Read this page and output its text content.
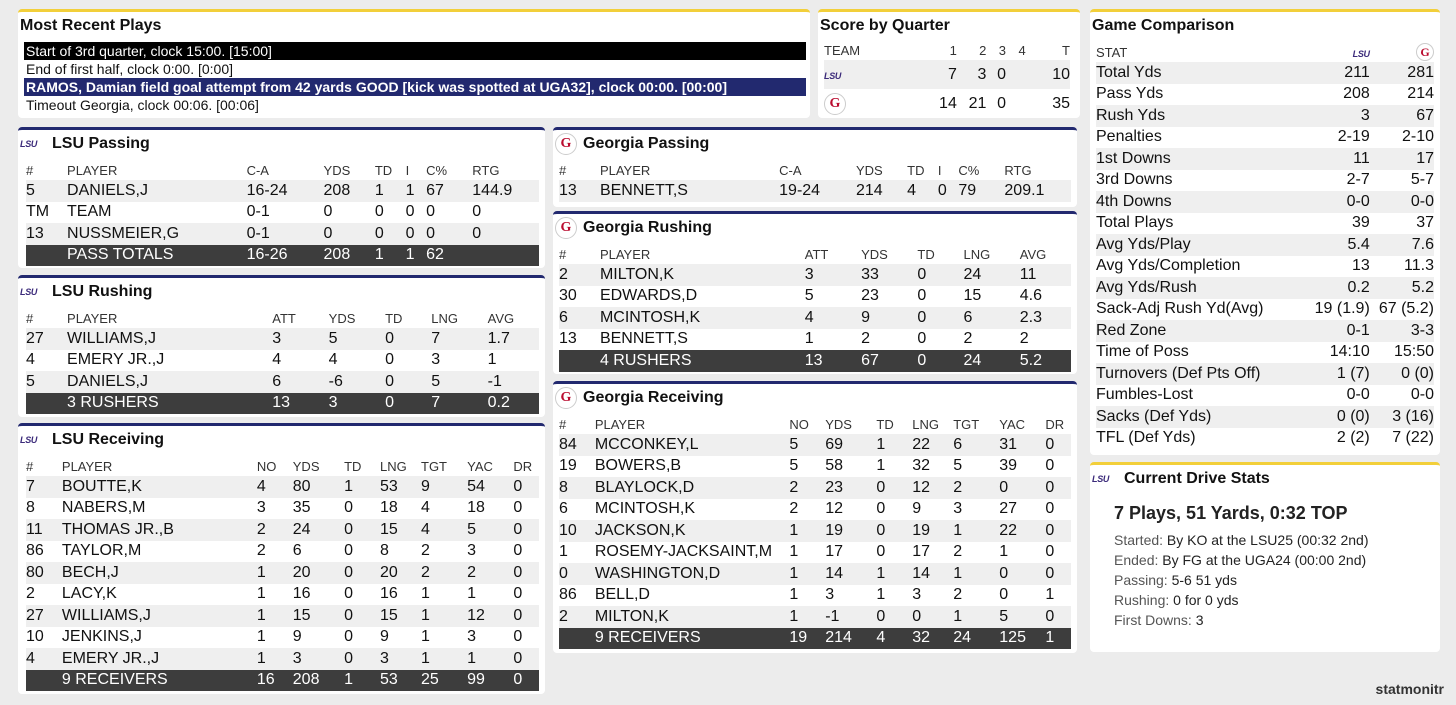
Most Recent Plays
Start of 3rd quarter, clock 15:00. [15:00]
End of first half, clock 0:00. [0:00]
RAMOS, Damian field goal attempt from 42 yards GOOD [kick was spotted at UGA32], clock 00:00. [00:00]
Timeout Georgia, clock 00:06. [00:06]
Score by Quarter
TEAM	1	2	3	4	T
LSU	7	3	0		10

G	14	21	0		35
Game Comparison
STAT	LSU	G

Total Yds	211	281
Pass Yds	208	214
Rush Yds	3	67
Penalties	2-19	2-10
1st Downs	11	17
3rd Downs	2-7	5-7
4th Downs	0-0	0-0
Total Plays	39	37
Avg Yds/Play	5.4	7.6
Avg Yds/Completion	13	11.3
Avg Yds/Rush	0.2	5.2
Sack-Adj Rush Yd(Avg)	19 (1.9)	67 (5.2)
Red Zone	0-1	3-3
Time of Poss	14:10	15:50
Turnovers (Def Pts Off)	1 (7)	0 (0)
Fumbles-Lost	0-0	0-0
Sacks (Def Yds)	0 (0)	3 (16)
TFL (Def Yds)	2 (2)	7 (22)
LSU Current Drive Stats
7 Plays, 51 Yards, 0:32 TOP
Started: By KO at the LSU25 (00:32 2nd)
Ended: By FG at the UGA24 (00:00 2nd)
Passing: 5-6 51 yds
Rushing: 0 for 0 yds
First Downs: 3
LSU LSU Passing
#	PLAYER	C-A	YDS	TD	I	C%	RTG
5	DANIELS,J	16-24	208	1	1	67	144.9
TM	TEAM	0-1	0	0	0	0	0
13	NUSSMEIER,G	0-1	0	0	0	0	0
	PASS TOTALS	16-26	208	1	1	62	
LSU LSU Rushing
#	PLAYER	ATT	YDS	TD	LNG	AVG
27	WILLIAMS,J	3	5	0	7	1.7
4	EMERY JR.,J	4	4	0	3	1
5	DANIELS,J	6	-6	0	5	-1
	3 RUSHERS	13	3	0	7	0.2
LSU LSU Receiving
#	PLAYER	NO	YDS	TD	LNG	TGT	YAC	DR
7	BOUTTE,K	4	80	1	53	9	54	0
8	NABERS,M	3	35	0	18	4	18	0
11	THOMAS JR.,B	2	24	0	15	4	5	0
86	TAYLOR,M	2	6	0	8	2	3	0
80	BECH,J	1	20	0	20	2	2	0
2	LACY,K	1	16	0	16	1	1	0
27	WILLIAMS,J	1	15	0	15	1	12	0
10	JENKINS,J	1	9	0	9	1	3	0
4	EMERY JR.,J	1	3	0	3	1	1	0
	9 RECEIVERS	16	208	1	53	25	99	0
G Georgia Passing
#	PLAYER	C-A	YDS	TD	I	C%	RTG
13	BENNETT,S	19-24	214	4	0	79	209.1
G Georgia Rushing
#	PLAYER	ATT	YDS	TD	LNG	AVG
2	MILTON,K	3	33	0	24	11
30	EDWARDS,D	5	23	0	15	4.6
6	MCINTOSH,K	4	9	0	6	2.3
13	BENNETT,S	1	2	0	2	2
	4 RUSHERS	13	67	0	24	5.2
G Georgia Receiving
#	PLAYER	NO	YDS	TD	LNG	TGT	YAC	DR
84	MCCONKEY,L	5	69	1	22	6	31	0
19	BOWERS,B	5	58	1	32	5	39	0
8	BLAYLOCK,D	2	23	0	12	2	0	0
6	MCINTOSH,K	2	12	0	9	3	27	0
10	JACKSON,K	1	19	0	19	1	22	0
1	ROSEMY-JACKSAINT,M	1	17	0	17	2	1	0
0	WASHINGTON,D	1	14	1	14	1	0	0
86	BELL,D	1	3	1	3	2	0	1
2	MILTON,K	1	-1	0	0	1	5	0
	9 RECEIVERS	19	214	4	32	24	125	1
statmonitr
